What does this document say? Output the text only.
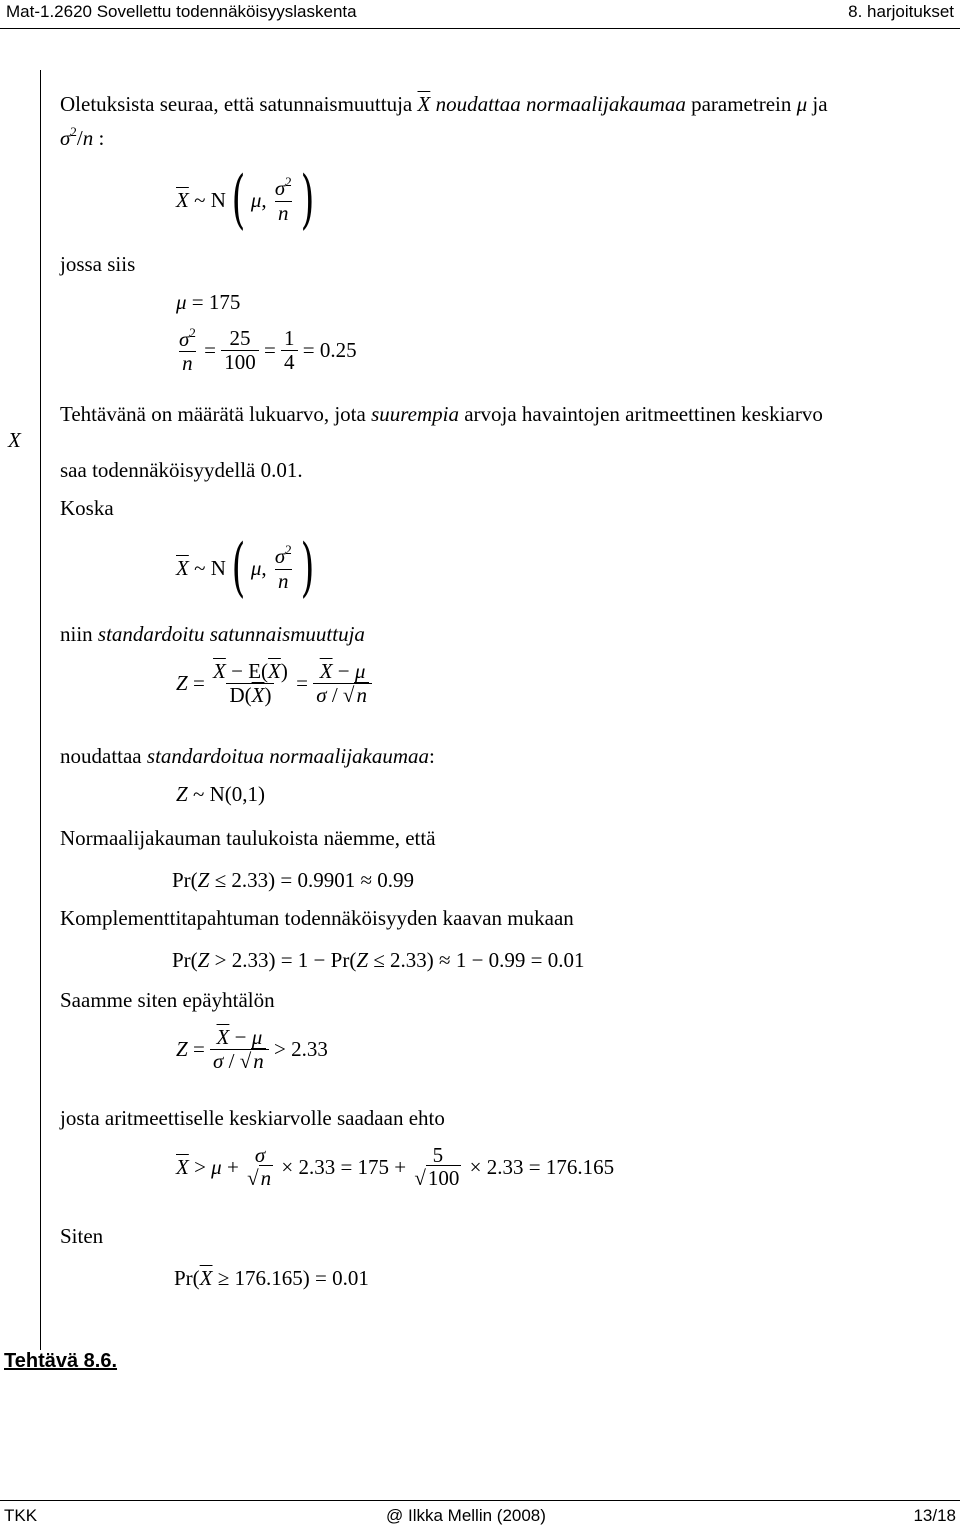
Mat-1.2620 Sovellettu todennäköisyyslaskenta	8. harjoitukset
X
Oletuksista seuraa, että satunnaismuuttuja $\overline{X}$ noudattaa normaalijakaumaa parametrein μ ja
$\sigma^2/n$ :
$\overline{X}$ ~ N ( μ , $\frac{\sigma^2}{n}$ )
jossa siis
μ = 175
$\frac{\sigma^2}{n} = \frac{25}{100} = \frac{1}{4} = 0.25$
Tehtävänä on määrätä lukuarvo, jota suurempia arvoja havaintojen aritmeettinen keskiarvo
saa todennäköisyydellä 0.01.
Koska
$\overline{X}$ ~ N ( μ , $\frac{\sigma^2}{n}$ )
niin standardoitu satunnaismuuttuja
$Z = \frac{\overline{X} - E(\overline{X})}{D(\overline{X})} = \frac{\overline{X} - \mu}{\sigma / √n}$
noudattaa standardoitua normaalijakaumaa:
Z ~ N(0,1)
Normaalijakauman taulukoista näemme, että
Pr(Z ≤ 2.33) = 0.9901 ≈ 0.99
Komplementtitapahtuman todennäköisyyden kaavan mukaan
Pr(Z > 2.33) = 1 − Pr(Z ≤ 2.33) ≈ 1 − 0.99 = 0.01
Saamme siten epäyhtälön
$Z = \frac{\overline{X} - \mu}{\sigma / √n} > 2.33$
josta aritmeettiselle keskiarvolle saadaan ehto
$\overline{X} > \mu + \sigma$
√n × 2.33 = 175 + 5
√100 × 2.33 = 176.165
Siten
$Pr(\overline{X} \ge 176.165) = 0.01$
Tehtävä 8.6.
TKK	@ Ilkka Mellin (2008)	13/18
